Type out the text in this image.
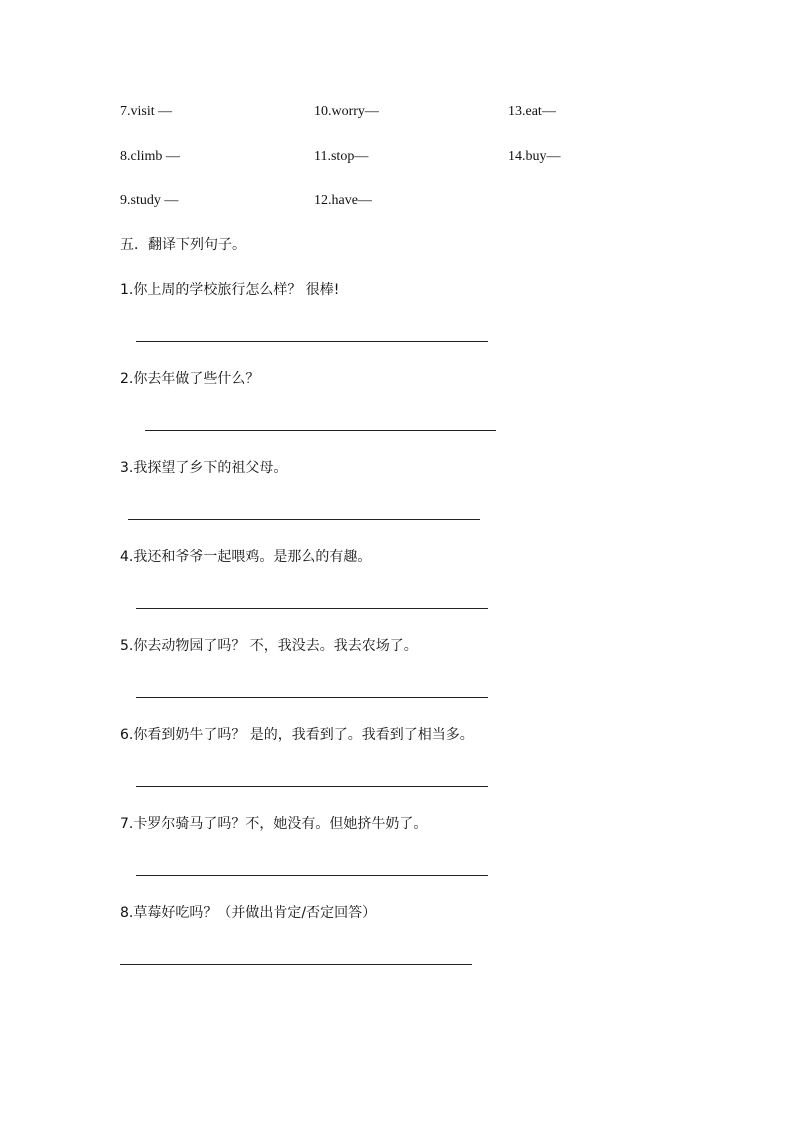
7.visit —	10.worry—	13.eat—
8.climb —	11.stop—	14.buy—
9.study —	12.have—
五．翻译下列句子。
1.你上周的学校旅行怎么样？ 很棒!
2.你去年做了些什么？
3.我探望了乡下的祖父母。
4.我还和爷爷一起喂鸡。是那么的有趣。
5.你去动物园了吗？ 不，我没去。我去农场了。
6.你看到奶牛了吗？ 是的，我看到了。我看到了相当多。
7.卡罗尔骑马了吗？不，她没有。但她挤牛奶了。
8.草莓好吃吗？（并做出肯定/否定回答）
